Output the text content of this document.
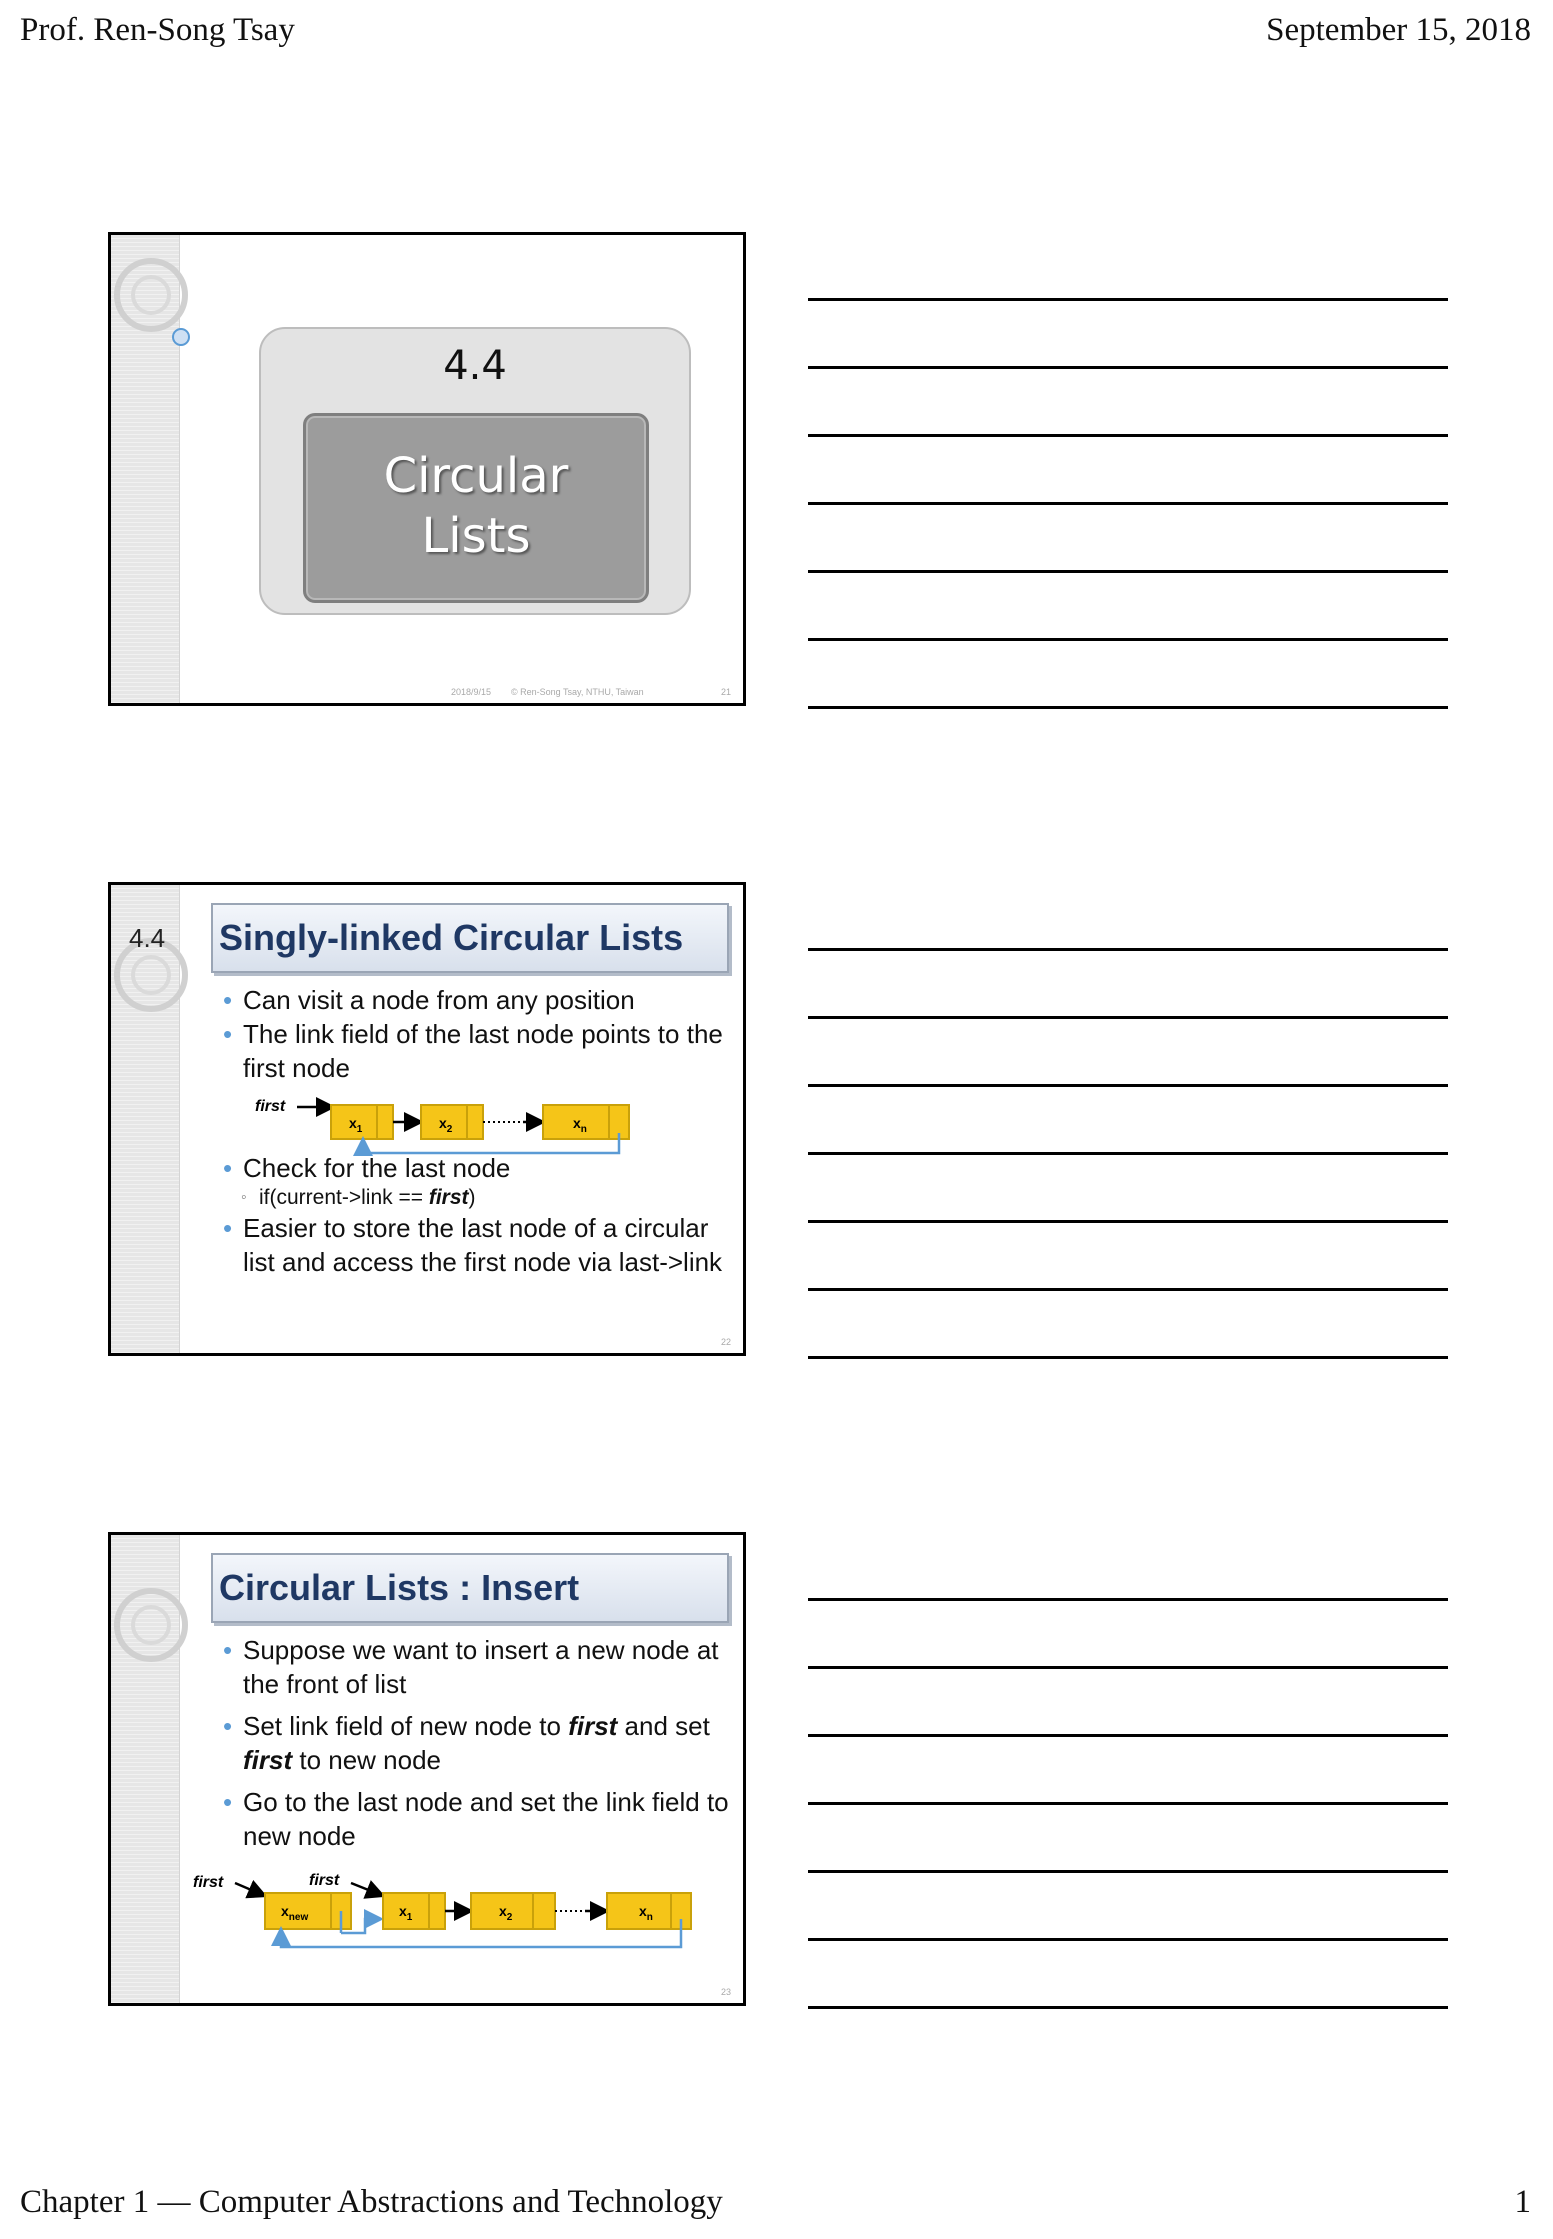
Prof. Ren-Song Tsay	September 15, 2018
4.4
Circular Lists
2018/9/15 © Ren-Song Tsay, NTHU, Taiwan	21
4.4 Singly-linked Circular Lists
• Can visit a node from any position
• The link field of the last node points to the first node
first
$x_1$	$x_2$	$x_n$
• Check for the last node
◦ if(current->link == first)
• Easier to store the last node of a circular list and access the first node via last->link
22
Circular Lists : Insert
• Suppose we want to insert a new node at the front of list
• Set link field of new node to first and set first to new node
• Go to the last node and set the link field to new node
first	first
$x_{new}$	$x_1$	$x_2$	$x_n$
23
Chapter 1 — Computer Abstractions and Technology	1
